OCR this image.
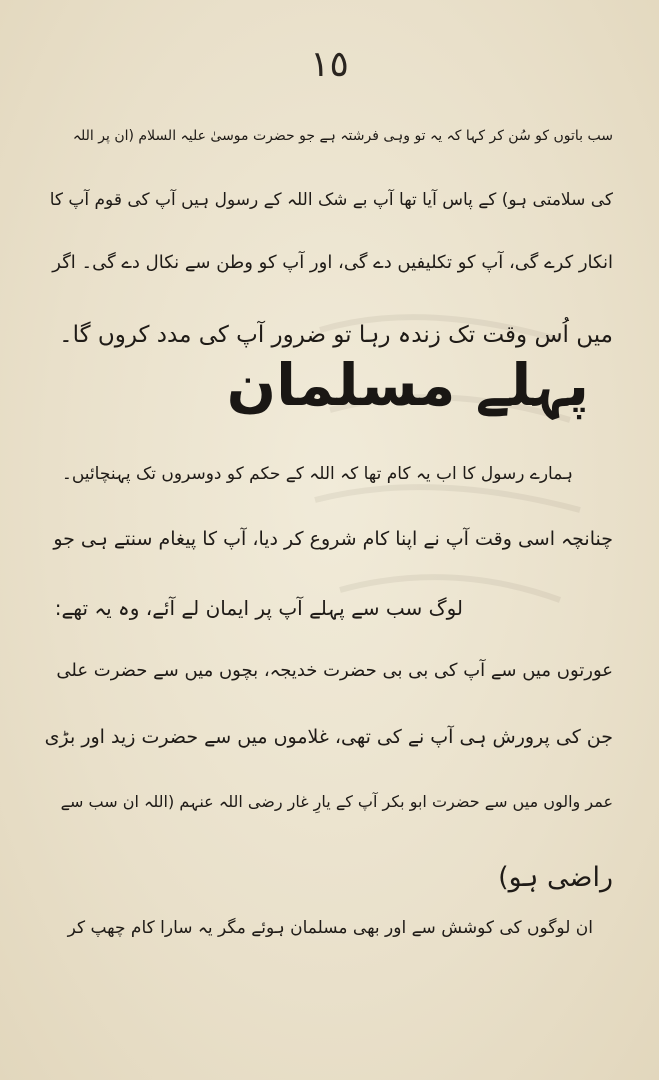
١٥
سب باتوں کو سُن کر کہا کہ یہ تو وہی فرشتہ ہے جو حضرت موسیٰ علیہ السلام (ان پر اللہ
کی سلامتی ہو) کے پاس آیا تھا آپ بے شک اللہ کے رسول ہیں آپ کی قوم آپ کا
انکار کرے گی، آپ کو تکلیفیں دے گی، اور آپ کو وطن سے نکال دے گی۔ اگر
میں اُس وقت تک زندہ رہا تو ضرور آپ کی مدد کروں گا۔
پہلے مسلمان
ہمارے رسول کا اب یہ کام تھا کہ اللہ کے حکم کو دوسروں تک پہنچائیں۔
چنانچہ اسی وقت آپ نے اپنا کام شروع کر دیا، آپ کا پیغام سنتے ہی جو
لوگ سب سے پہلے آپ پر ایمان لے آئے، وہ یہ تھے:
عورتوں میں سے آپ کی بی بی حضرت خدیجہ، بچوں میں سے حضرت علی
جن کی پرورش ہی آپ نے کی تھی، غلاموں میں سے حضرت زید اور بڑی
عمر والوں میں سے حضرت ابو بکر آپ کے یارِ غار رضی اللہ عنہم (اللہ ان سب سے
راضی ہو)
ان لوگوں کی کوشش سے اور بھی مسلمان ہوئے مگر یہ سارا کام چھپ کر
